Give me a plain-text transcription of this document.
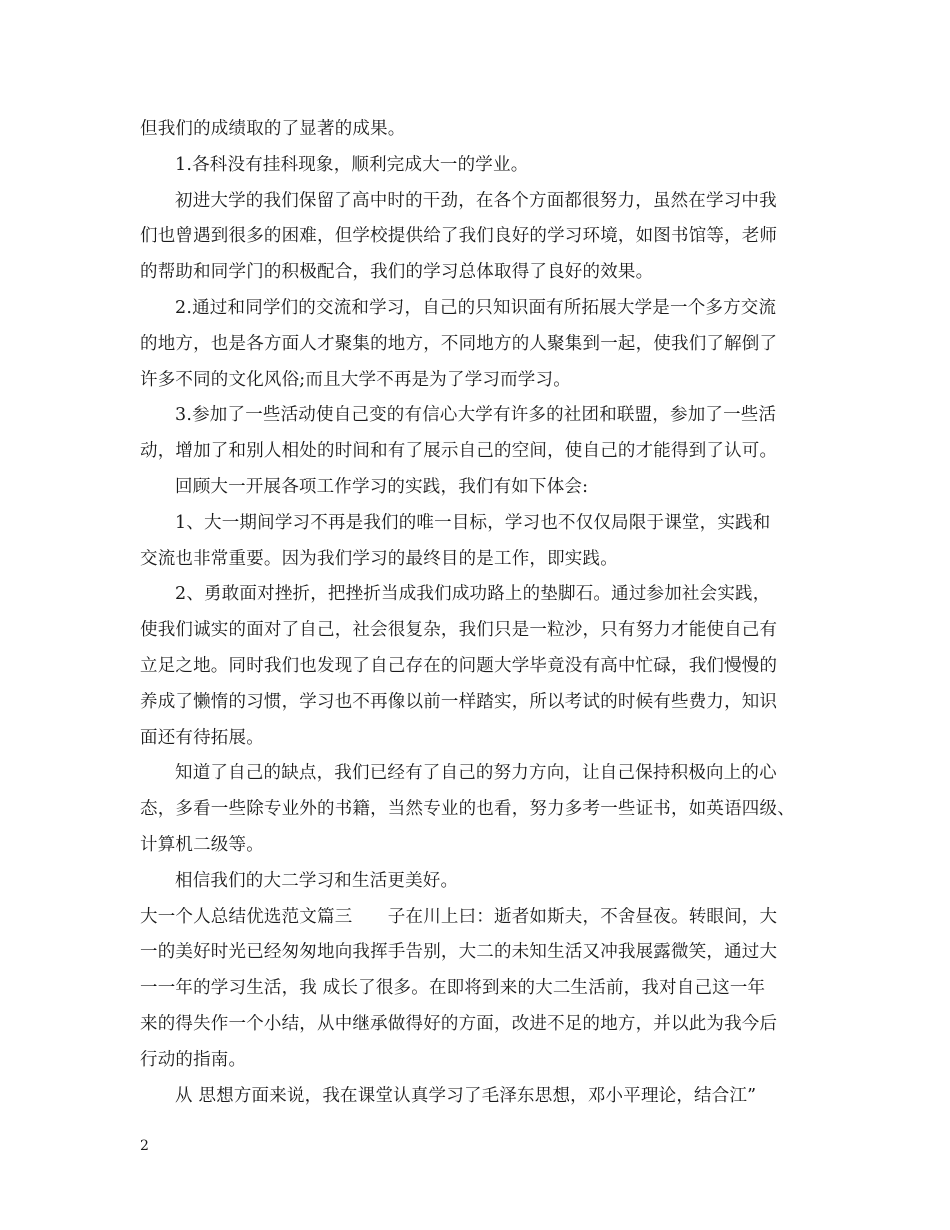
但我们的成绩取的了显著的成果。
1.各科没有挂科现象，顺利完成大一的学业。
初进大学的我们保留了高中时的干劲，在各个方面都很努力，虽然在学习中我
们也曾遇到很多的困难，但学校提供给了我们良好的学习环境，如图书馆等，老师
的帮助和同学门的积极配合，我们的学习总体取得了良好的效果。
2.通过和同学们的交流和学习，自己的只知识面有所拓展大学是一个多方交流
的地方，也是各方面人才聚集的地方，不同地方的人聚集到一起，使我们了解倒了
许多不同的文化风俗;而且大学不再是为了学习而学习。
3.参加了一些活动使自己变的有信心大学有许多的社团和联盟，参加了一些活
动，增加了和别人相处的时间和有了展示自己的空间，使自己的才能得到了认可。
回顾大一开展各项工作学习的实践，我们有如下体会:
1、大一期间学习不再是我们的唯一目标，学习也不仅仅局限于课堂，实践和
交流也非常重要。因为我们学习的最终目的是工作，即实践。
2、勇敢面对挫折，把挫折当成我们成功路上的垫脚石。通过参加社会实践，
使我们诚实的面对了自己，社会很复杂，我们只是一粒沙，只有努力才能使自己有
立足之地。同时我们也发现了自己存在的问题大学毕竟没有高中忙碌，我们慢慢的
养成了懒惰的习惯，学习也不再像以前一样踏实，所以考试的时候有些费力，知识
面还有待拓展。
知道了自己的缺点，我们已经有了自己的努力方向，让自己保持积极向上的心
态，多看一些除专业外的书籍，当然专业的也看，努力多考一些证书，如英语四级、
计算机二级等。
相信我们的大二学习和生活更美好。
大一个人总结优选范文篇三　　子在川上曰：逝者如斯夫，不舍昼夜。转眼间，大
一的美好时光已经匆匆地向我挥手告别，大二的未知生活又冲我展露微笑，通过大
一一年的学习生活，我 成长了很多。在即将到来的大二生活前，我对自己这一年
来的得失作一个小结，从中继承做得好的方面，改进不足的地方，并以此为我今后
行动的指南。
从 思想方面来说，我在课堂认真学习了毛泽东思想，邓小平理论，结合江”
2
